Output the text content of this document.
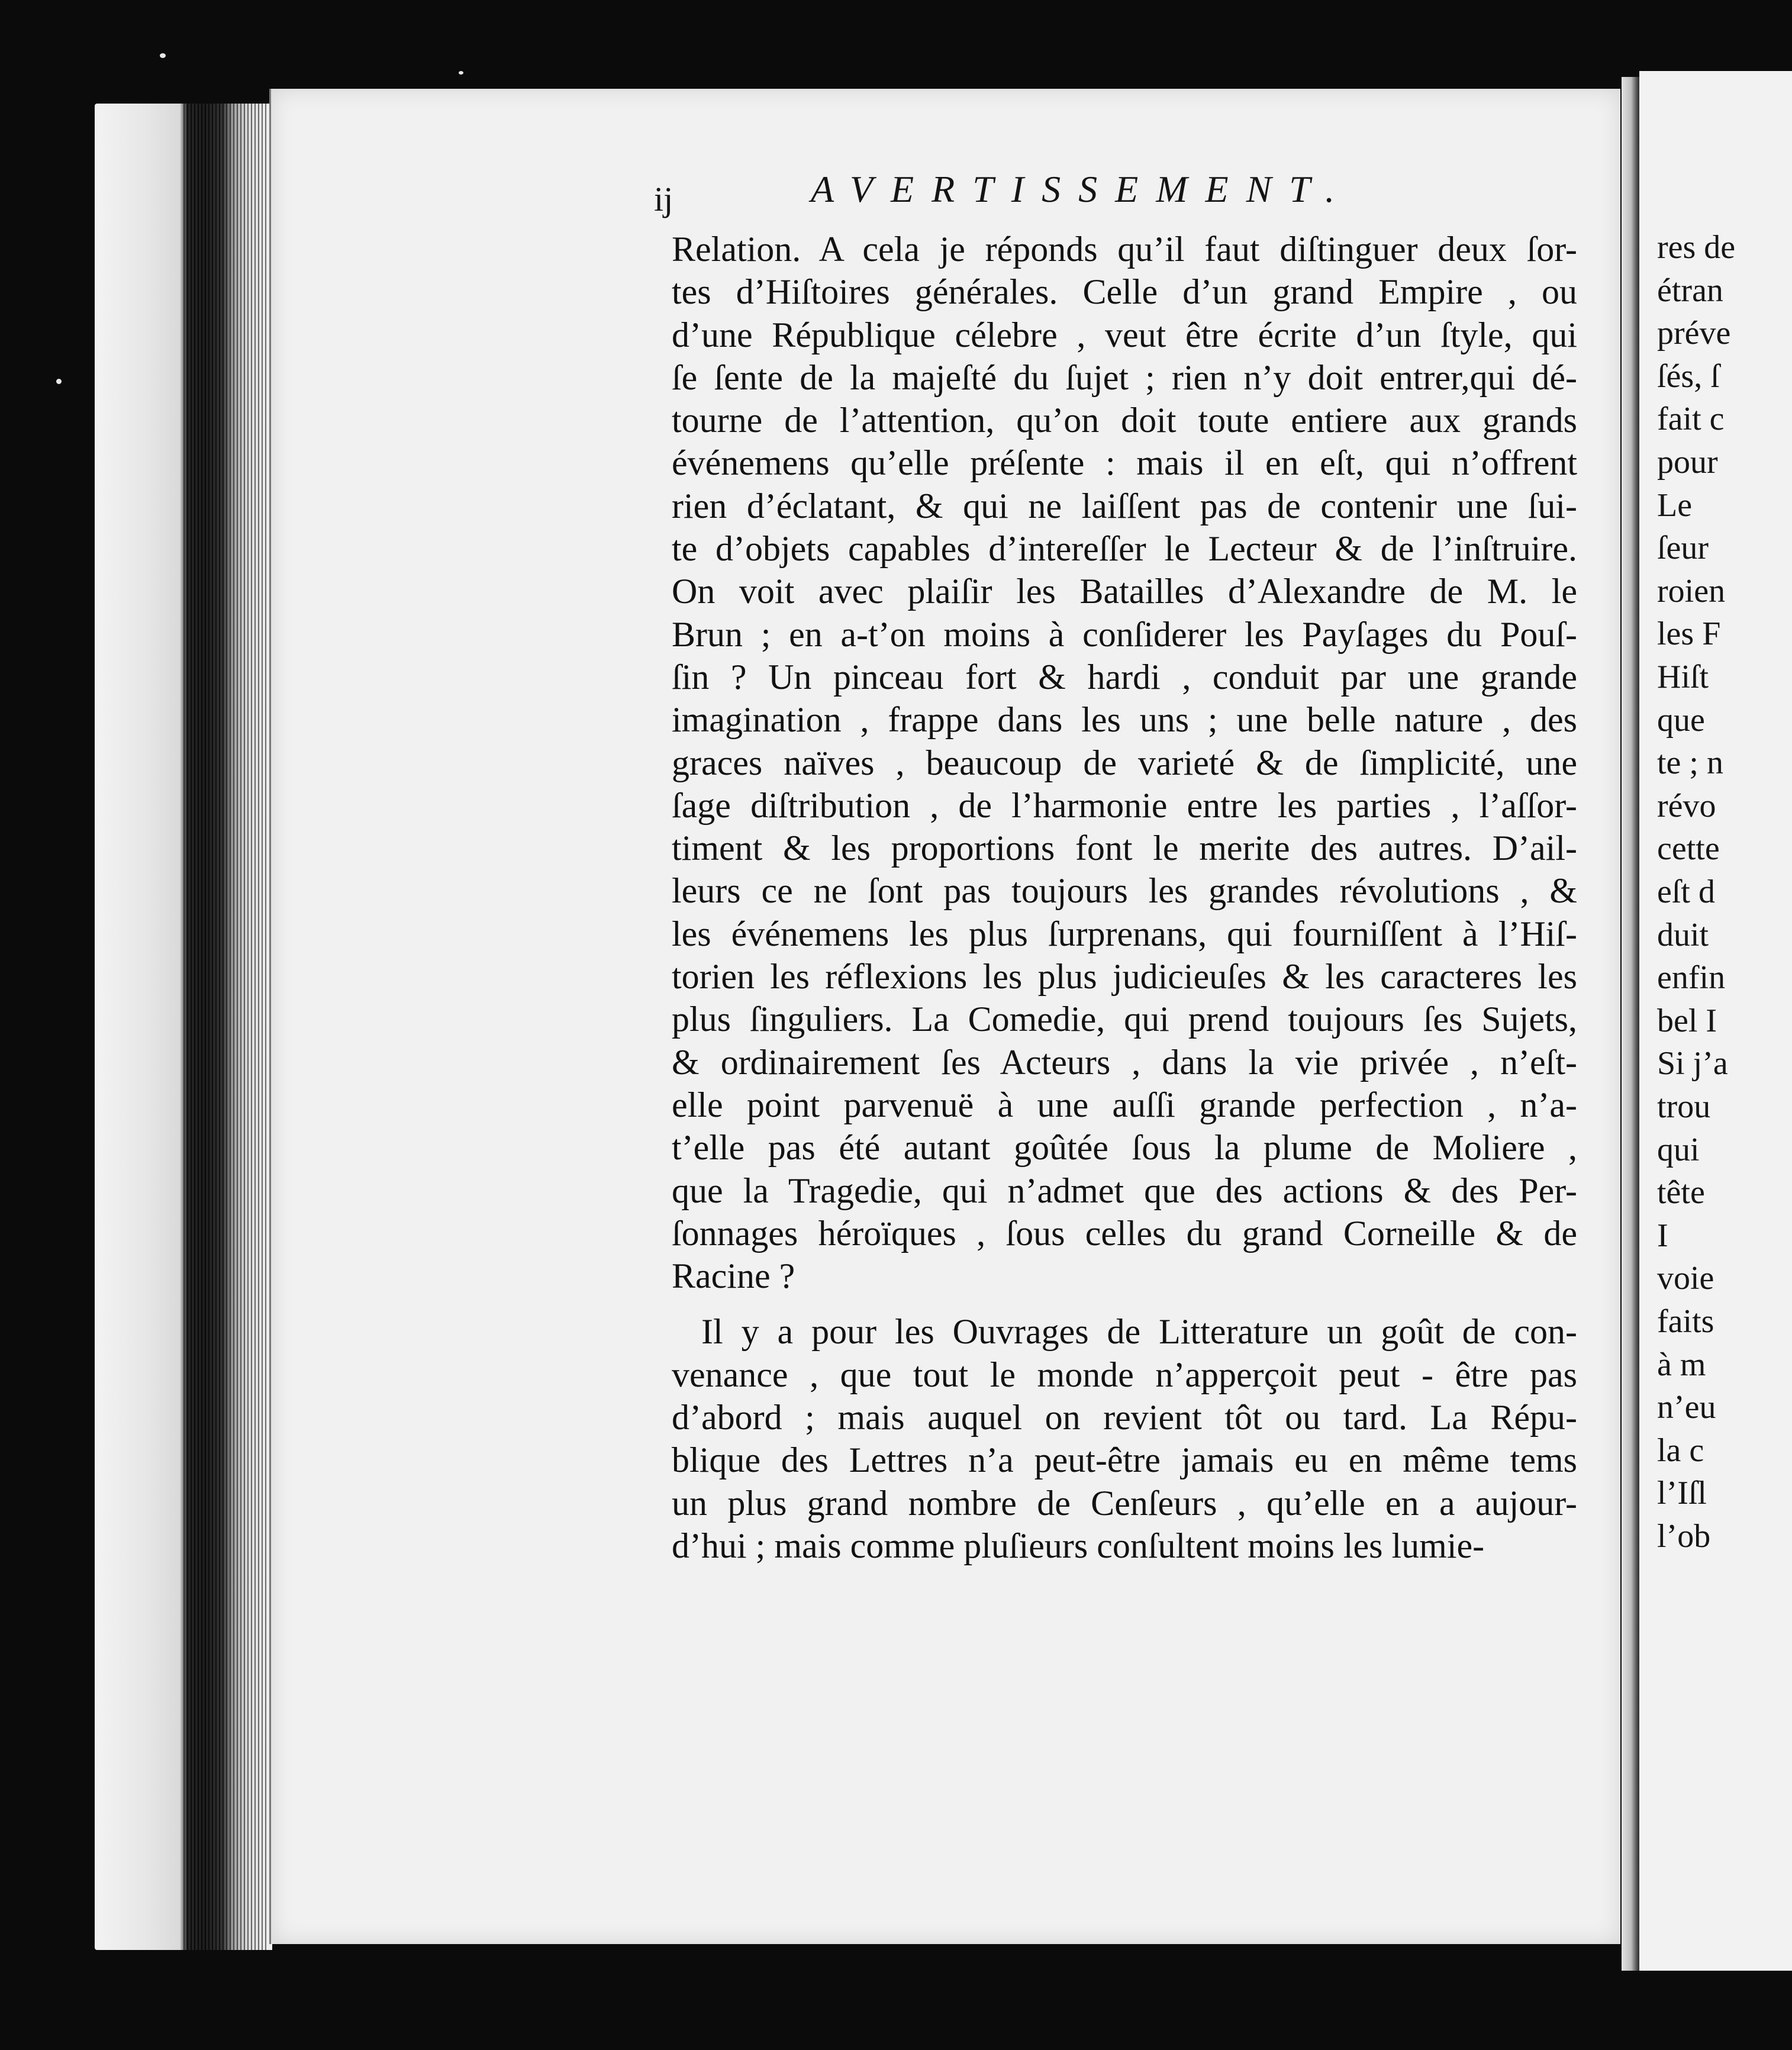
res de
étran
préve
ſés, ſ
fait c
pour
Le
ſeur
roien
les F
Hiſt
que
te ; n
révo
cette
eſt d
duit
enfin
bel I
Si j’a
trou
qui
tête
I
voie
faits
à m
n’eu
la c
l’Iſl
l’ob
ij	AVERTISSEMENT.
Relation. A cela je réponds qu’il faut diſtinguer deux ſor-
tes d’Hiſtoires générales. Celle d’un grand Empire , ou
d’une République célebre , veut être écrite d’un ſtyle, qui
ſe ſente de la majeſté du ſujet ; rien n’y doit entrer,qui dé-
tourne de l’attention, qu’on doit toute entiere aux grands
événemens qu’elle préſente : mais il en eſt, qui n’offrent
rien d’éclatant, & qui ne laiſſent pas de contenir une ſui-
te d’objets capables d’intereſſer le Lecteur & de l’inſtruire.
On voit avec plaiſir les Batailles d’Alexandre de M. le
Brun ; en a-t’on moins à conſiderer les Payſages du Pouſ-
ſin ? Un pinceau fort & hardi , conduit par une grande
imagination , frappe dans les uns ; une belle nature , des
graces naïves , beaucoup de varieté & de ſimplicité, une
ſage diſtribution , de l’harmonie entre les parties , l’aſſor-
timent & les proportions font le merite des autres. D’ail-
leurs ce ne ſont pas toujours les grandes révolutions , &
les événemens les plus ſurprenans, qui fourniſſent à l’Hiſ-
torien les réflexions les plus judicieuſes & les caracteres les
plus ſinguliers. La Comedie, qui prend toujours ſes Sujets,
& ordinairement ſes Acteurs , dans la vie privée , n’eſt-
elle point parvenuë à une auſſi grande perfection , n’a-
t’elle pas été autant goûtée ſous la plume de Moliere ,
que la Tragedie, qui n’admet que des actions & des Per-
ſonnages héroïques , ſous celles du grand Corneille & de
Racine ?
Il y a pour les Ouvrages de Litterature un goût de con-
venance , que tout le monde n’apperçoit peut - être pas
d’abord ; mais auquel on revient tôt ou tard. La Répu-
blique des Lettres n’a peut-être jamais eu en même tems
un plus grand nombre de Cenſeurs , qu’elle en a aujour-
d’hui ; mais comme pluſieurs conſultent moins les lumie-
